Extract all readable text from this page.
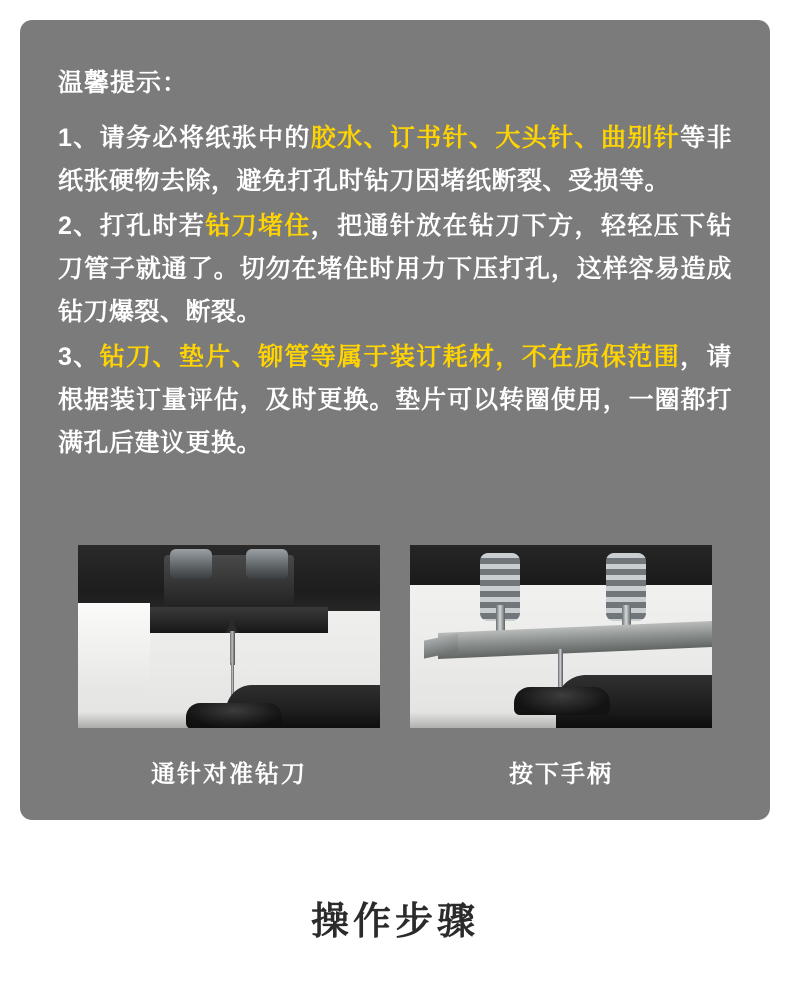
温馨提示：

1、请务必将纸张中的胶水、订书针、大头针、曲别针等非纸张硬物去除，避免打孔时钻刀因堵纸断裂、受损等。

2、打孔时若钻刀堵住，把通针放在钻刀下方，轻轻压下钻刀管子就通了。切勿在堵住时用力下压打孔，这样容易造成钻刀爆裂、断裂。

3、钻刀、垫片、铆管等属于装订耗材，不在质保范围，请根据装订量评估，及时更换。垫片可以转圈使用，一圈都打满孔后建议更换。

通针对准钻刀	按下手柄
操作步骤
